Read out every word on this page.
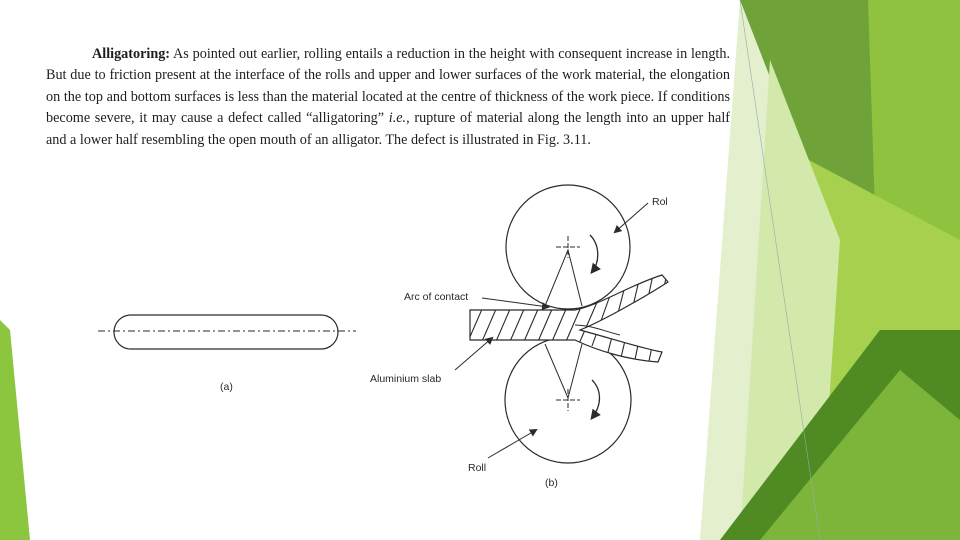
Alligatoring: As pointed out earlier, rolling entails a reduction in the height with consequent increase in length. But due to friction present at the interface of the rolls and upper and lower surfaces of the work material, the elongation on the top and bottom surfaces is less than the material located at the centre of thickness of the work piece. If conditions become severe, it may cause a defect called “alligatoring” i.e., rupture of material along the length into an upper half and a lower half resembling the open mouth of an alligator. The defect is illustrated in Fig. 3.11.

(a)
Rol
Arc of contact
Aluminium slab
Roll
(b)
